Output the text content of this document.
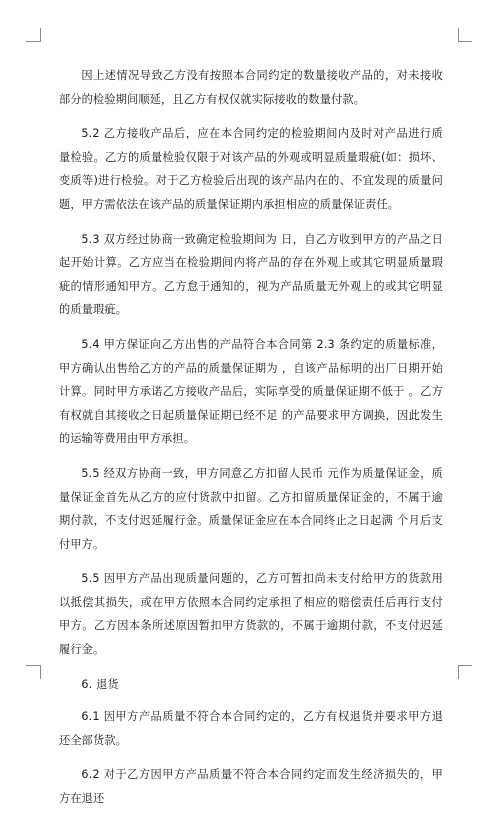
因上述情况导致乙方没有按照本合同约定的数量接收产品的，对未接收部分的检验期间顺延，且乙方有权仅就实际接收的数量付款。

5.2 乙方接收产品后，应在本合同约定的检验期间内及时对产品进行质量检验。乙方的质量检验仅限于对该产品的外观或明显质量瑕疵(如：损坏、变质等)进行检验。对于乙方检验后出现的该产品内在的、不宜发现的质量问题，甲方需依法在该产品的质量保证期内承担相应的质量保证责任。

5.3 双方经过协商一致确定检验期间为 日，自乙方收到甲方的产品之日起开始计算。乙方应当在检验期间内将产品的存在外观上或其它明显质量瑕疵的情形通知甲方。乙方怠于通知的，视为产品质量无外观上的或其它明显的质量瑕疵。

5.4 甲方保证向乙方出售的产品符合本合同第 2.3 条约定的质量标准，甲方确认出售给乙方的产品的质量保证期为 ，自该产品标明的出厂日期开始计算。同时甲方承诺乙方接收产品后，实际享受的质量保证期不低于 。乙方有权就自其接收之日起质量保证期已经不足 的产品要求甲方调换，因此发生的运输等费用由甲方承担。

5.5 经双方协商一致，甲方同意乙方扣留人民币 元作为质量保证金，质量保证金首先从乙方的应付货款中扣留。乙方扣留质量保证金的，不属于逾期付款，不支付迟延履行金。质量保证金应在本合同终止之日起满 个月后支付甲方。

5.5 因甲方产品出现质量问题的，乙方可暂扣尚未支付给甲方的货款用以抵偿其损失，或在甲方依照本合同约定承担了相应的赔偿责任后再行支付甲方。乙方因本条所述原因暂扣甲方货款的，不属于逾期付款，不支付迟延履行金。

6. 退货

6.1 因甲方产品质量不符合本合同约定的，乙方有权退货并要求甲方退还全部货款。

6.2 对于乙方因甲方产品质量不符合本合同约定而发生经济损失的，甲方在退还
